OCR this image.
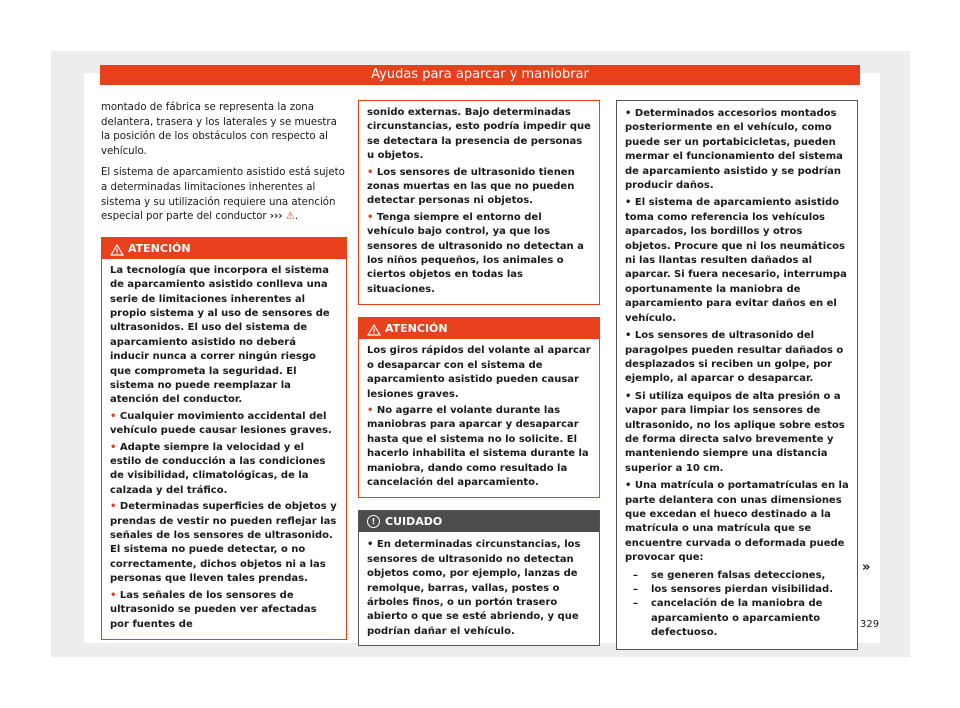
Ayudas para aparcar y maniobrar

montado de fábrica se representa la zona delantera, trasera y los laterales y se muestra la posición de los obstáculos con respecto al vehículo.

El sistema de aparcamiento asistido está sujeto a determinadas limitaciones inherentes al sistema y su utilización requiere una atención especial por parte del conductor ››› ⚠.

ATENCIÓN

La tecnología que incorpora el sistema de aparcamiento asistido conlleva una serie de limitaciones inherentes al propio sistema y al uso de sensores de ultrasonidos. El uso del sistema de aparcamiento asistido no deberá inducir nunca a correr ningún riesgo que comprometa la seguridad. El sistema no puede reemplazar la atención del conductor.

• Cualquier movimiento accidental del vehículo puede causar lesiones graves.

• Adapte siempre la velocidad y el estilo de conducción a las condiciones de visibilidad, climatológicas, de la calzada y del tráfico.

• Determinadas superficies de objetos y prendas de vestir no pueden reflejar las señales de los sensores de ultrasonido. El sistema no puede detectar, o no correctamente, dichos objetos ni a las personas que lleven tales prendas.

• Las señales de los sensores de ultrasonido se pueden ver afectadas por fuentes de

sonido externas. Bajo determinadas circunstancias, esto podría impedir que se detectara la presencia de personas u objetos.

• Los sensores de ultrasonido tienen zonas muertas en las que no pueden detectar personas ni objetos.

• Tenga siempre el entorno del vehículo bajo control, ya que los sensores de ultrasonido no detectan a los niños pequeños, los animales o ciertos objetos en todas las situaciones.

ATENCIÓN

Los giros rápidos del volante al aparcar o desaparcar con el sistema de aparcamiento asistido pueden causar lesiones graves.

• No agarre el volante durante las maniobras para aparcar y desaparcar hasta que el sistema no lo solicite. El hacerlo inhabilita el sistema durante la maniobra, dando como resultado la cancelación del aparcamiento.

! CUIDADO

• En determinadas circunstancias, los sensores de ultrasonido no detectan objetos como, por ejemplo, lanzas de remolque, barras, vallas, postes o árboles finos, o un portón trasero abierto o que se esté abriendo, y que podrían dañar el vehículo.

• Determinados accesorios montados posteriormente en el vehículo, como puede ser un portabicicletas, pueden mermar el funcionamiento del sistema de aparcamiento asistido y se podrían producir daños.

• El sistema de aparcamiento asistido toma como referencia los vehículos aparcados, los bordillos y otros objetos. Procure que ni los neumáticos ni las llantas resulten dañados al aparcar. Si fuera necesario, interrumpa oportunamente la maniobra de aparcamiento para evitar daños en el vehículo.

• Los sensores de ultrasonido del paragolpes pueden resultar dañados o desplazados si reciben un golpe, por ejemplo, al aparcar o desaparcar.

• Si utiliza equipos de alta presión o a vapor para limpiar los sensores de ultrasonido, no los aplique sobre estos de forma directa salvo brevemente y manteniendo siempre una distancia superior a 10 cm.

• Una matrícula o portamatrículas en la parte delantera con unas dimensiones que excedan el hueco destinado a la matrícula o una matrícula que se encuentre curvada o deformada puede provocar que:

–	se generen falsas detecciones,
–	los sensores pierdan visibilidad.
–	cancelación de la maniobra de aparcamiento o aparcamiento defectuoso.
»
329
